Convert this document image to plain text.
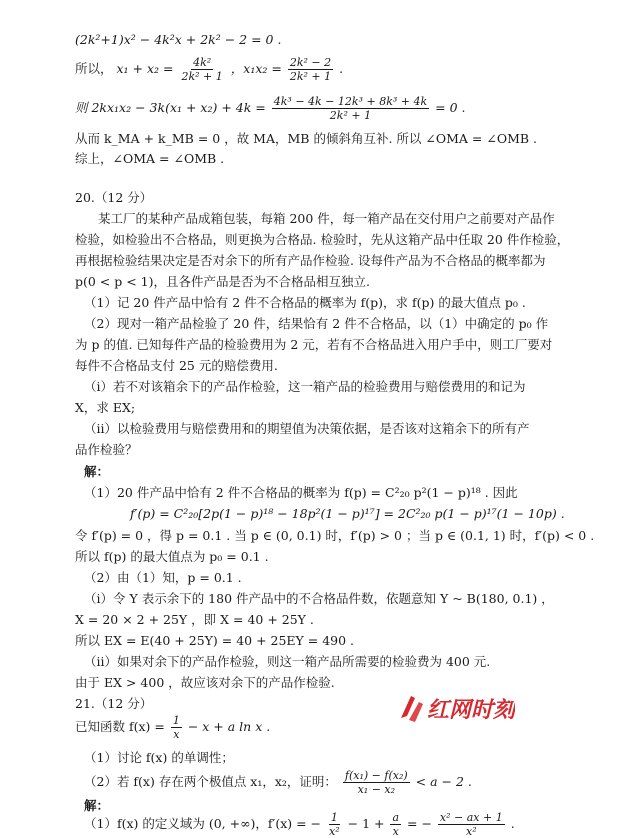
(2k²+1)x² − 4k²x + 2k² − 2 = 0 .
所以， $x_1 + x_2 = \frac{\text{4k²}}{\text{2k² + 1}}$ ，$x_1x_2 = \frac{\text{2k² − 2}}{\text{2k² + 1}}$ .
则 $2kx_1x_2 - 3k(x_1 + x_2) + 4k = \frac{\text{4k³ − 4k − 12k³ + 8k³ + 4k}}{\text{2k² + 1}} = 0$ .
从而 k_MA + k_MB = 0 ，故 MA，MB 的倾斜角互补. 所以 ∠OMA = ∠OMB .
综上，∠OMA = ∠OMB .
20.（12 分）
某工厂的某种产品成箱包装，每箱 200 件，每一箱产品在交付用户之前要对产品作
检验，如检验出不合格品，则更换为合格品. 检验时，先从这箱产品中任取 20 件作检验，
再根据检验结果决定是否对余下的所有产品作检验. 设每件产品为不合格品的概率都为
p(0 < p < 1)，且各件产品是否为不合格品相互独立.
（1）记 20 件产品中恰有 2 件不合格品的概率为 f(p)，求 f(p) 的最大值点 p₀ .
（2）现对一箱产品检验了 20 件，结果恰有 2 件不合格品，以（1）中确定的 p₀ 作
为 p 的值. 已知每件产品的检验费用为 2 元，若有不合格品进入用户手中，则工厂要对
每件不合格品支付 25 元的赔偿费用.
（ⅰ）若不对该箱余下的产品作检验，这一箱产品的检验费用与赔偿费用的和记为
X，求 EX;
（ⅱ）以检验费用与赔偿费用和的期望值为决策依据，是否该对这箱余下的所有产
品作检验？
解：
（1）20 件产品中恰有 2 件不合格品的概率为 f(p) = C²₂₀ p²(1 − p)¹⁸ . 因此
f′(p) = C²₂₀[2p(1 − p)¹⁸ − 18p²(1 − p)¹⁷] = 2C²₂₀ p(1 − p)¹⁷(1 − 10p) .
令 f′(p) = 0 ，得 p = 0.1 . 当 p ∈ (0, 0.1) 时，f′(p) > 0 ；当 p ∈ (0.1, 1) 时，f′(p) < 0 .
所以 f(p) 的最大值点为 p₀ = 0.1 .
（2）由（1）知，p = 0.1 .
（ⅰ）令 Y 表示余下的 180 件产品中的不合格品件数，依题意知 Y ~ B(180, 0.1) ，
X = 20 × 2 + 25Y ，即 X = 40 + 25Y .
所以 EX = E(40 + 25Y) = 40 + 25EY = 490 .
（ⅱ）如果对余下的产品作检验，则这一箱产品所需要的检验费为 400 元.
由于 EX > 400 ，故应该对余下的产品作检验.
21.（12 分）
已知函数 $f(x) = \frac{1}{x} - x + a$ ln x .
（1）讨论 f(x) 的单调性；
（2）若 f(x) 存在两个极值点 x₁，x₂，证明： $\frac{\text{f(x₁) − f(x₂)}}{\text{x₁ − x₂}} < a - 2$ .
解：
（1）f(x) 的定义域为 (0, +∞)，f′(x) = − $\frac{1}{\text{x²}} - 1 + \frac{a}{x}$ = − $\frac{\text{x² − ax + 1}}{\text{x²}}$ .
红网时刻
